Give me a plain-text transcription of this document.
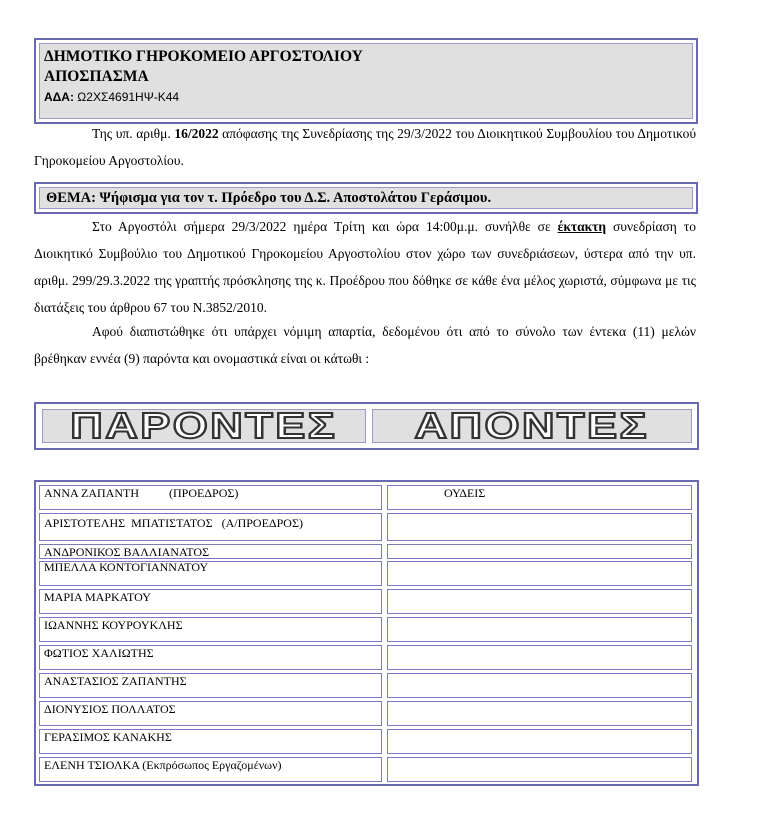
ΔΗΜΟΤΙΚΟ ΓΗΡΟΚΟΜΕΙΟ ΑΡΓΟΣΤΟΛΙΟΥ
ΑΠΟΣΠΑΣΜΑ
ΑΔΑ: Ω2ΧΣ4691ΗΨ-Κ44
Της υπ. αριθμ. 16/2022 απόφασης της Συνεδρίασης της 29/3/2022 του Διοικητικού Συμβουλίου του Δημοτικού Γηροκομείου Αργοστολίου.
ΘΕΜΑ: Ψήφισμα για τον τ. Πρόεδρο του Δ.Σ. Αποστολάτου Γεράσιμου.
Στο Αργοστόλι σήμερα 29/3/2022 ημέρα Τρίτη και ώρα 14:00μ.μ. συνήλθε σε έκτακτη συνεδρίαση το Διοικητικό Συμβούλιο του Δημοτικού Γηροκομείου Αργοστολίου στον χώρο των συνεδριάσεων, ύστερα από την υπ. αριθμ. 299/29.3.2022 της γραπτής πρόσκλησης της κ. Προέδρου που δόθηκε σε κάθε ένα μέλος χωριστά, σύμφωνα με τις διατάξεις του άρθρου 67 του Ν.3852/2010.
Αφού διαπιστώθηκε ότι υπάρχει νόμιμη απαρτία, δεδομένου ότι από το σύνολο των έντεκα (11) μελών βρέθηκαν εννέα (9) παρόντα και ονομαστικά είναι οι κάτωθι :
ΠΑΡΟΝΤΕΣ ΑΠΟΝΤΕΣ
ΑΝΝΑ ΖΑΠΑΝΤΗ          (ΠΡΟΕΔΡΟΣ)
ΑΡΙΣΤΟΤΕΛΗΣ  ΜΠΑΤΙΣΤΑΤΟΣ   (Α/ΠΡΟΕΔΡΟΣ)
ΑΝΔΡΟΝΙΚΟΣ ΒΑΛΛΙΑΝΑΤΟΣ
ΜΠΕΛΛΑ ΚΟΝΤΟΓΙΑΝΝΑΤΟΥ
ΜΑΡΙΑ ΜΑΡΚΑΤΟΥ
ΙΩΑΝΝΗΣ ΚΟΥΡΟΥΚΛΗΣ
ΦΩΤΙΟΣ ΧΑΛΙΩΤΗΣ
ΑΝΑΣΤΑΣΙΟΣ ΖΑΠΑΝΤΗΣ
ΔΙΟΝΥΣΙΟΣ ΠΟΛΛΑΤΟΣ
ΓΕΡΑΣΙΜΟΣ ΚΑΝΑΚΗΣ
ΕΛΕΝΗ ΤΣΙΟΛΚΑ (Εκπρόσωπος Εργαζομένων)
ΟΥΔΕΙΣ
